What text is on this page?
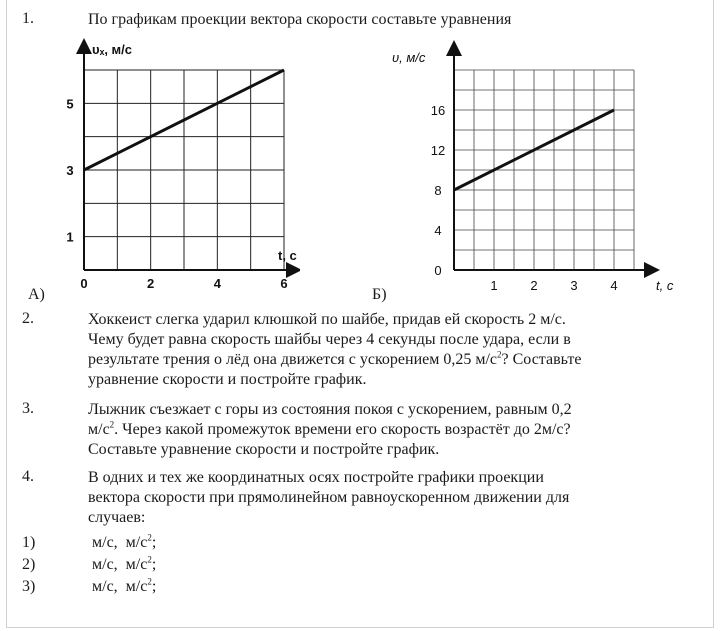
1.	По графикам проекции вектора скорости составьте уравнения
0	2	4	6
1
3
5
υₓ, м/с
t, с
А)
1	2	3	4
0
4
8
12
16
υ, м/с
t, с
Б)
2.	Хоккеист слегка ударил клюшкой по шайбе, придав ей скорость 2 м/с.
Чему будет равна скорость шайбы через 4 секунды после удара, если в
результате трения о лёд она движется с ускорением 0,25 $м/с^2$? Составьте
уравнение скорости и постройте график.
3.	Лыжник съезжает с горы из состояния покоя с ускорением, равным 0,2
$м/с^2$. Через какой промежуток времени его скорость возрастёт до 2м/с?
Составьте уравнение скорости и постройте график.
4.	В одних и тех же координатных осях постройте графики проекции
вектора скорости при прямолинейном равноускоренном движении для
случаев:
1)	м/с, $м/с^2$;
2)	м/с, $м/с^2$;
3)	м/с, $м/с^2$;
